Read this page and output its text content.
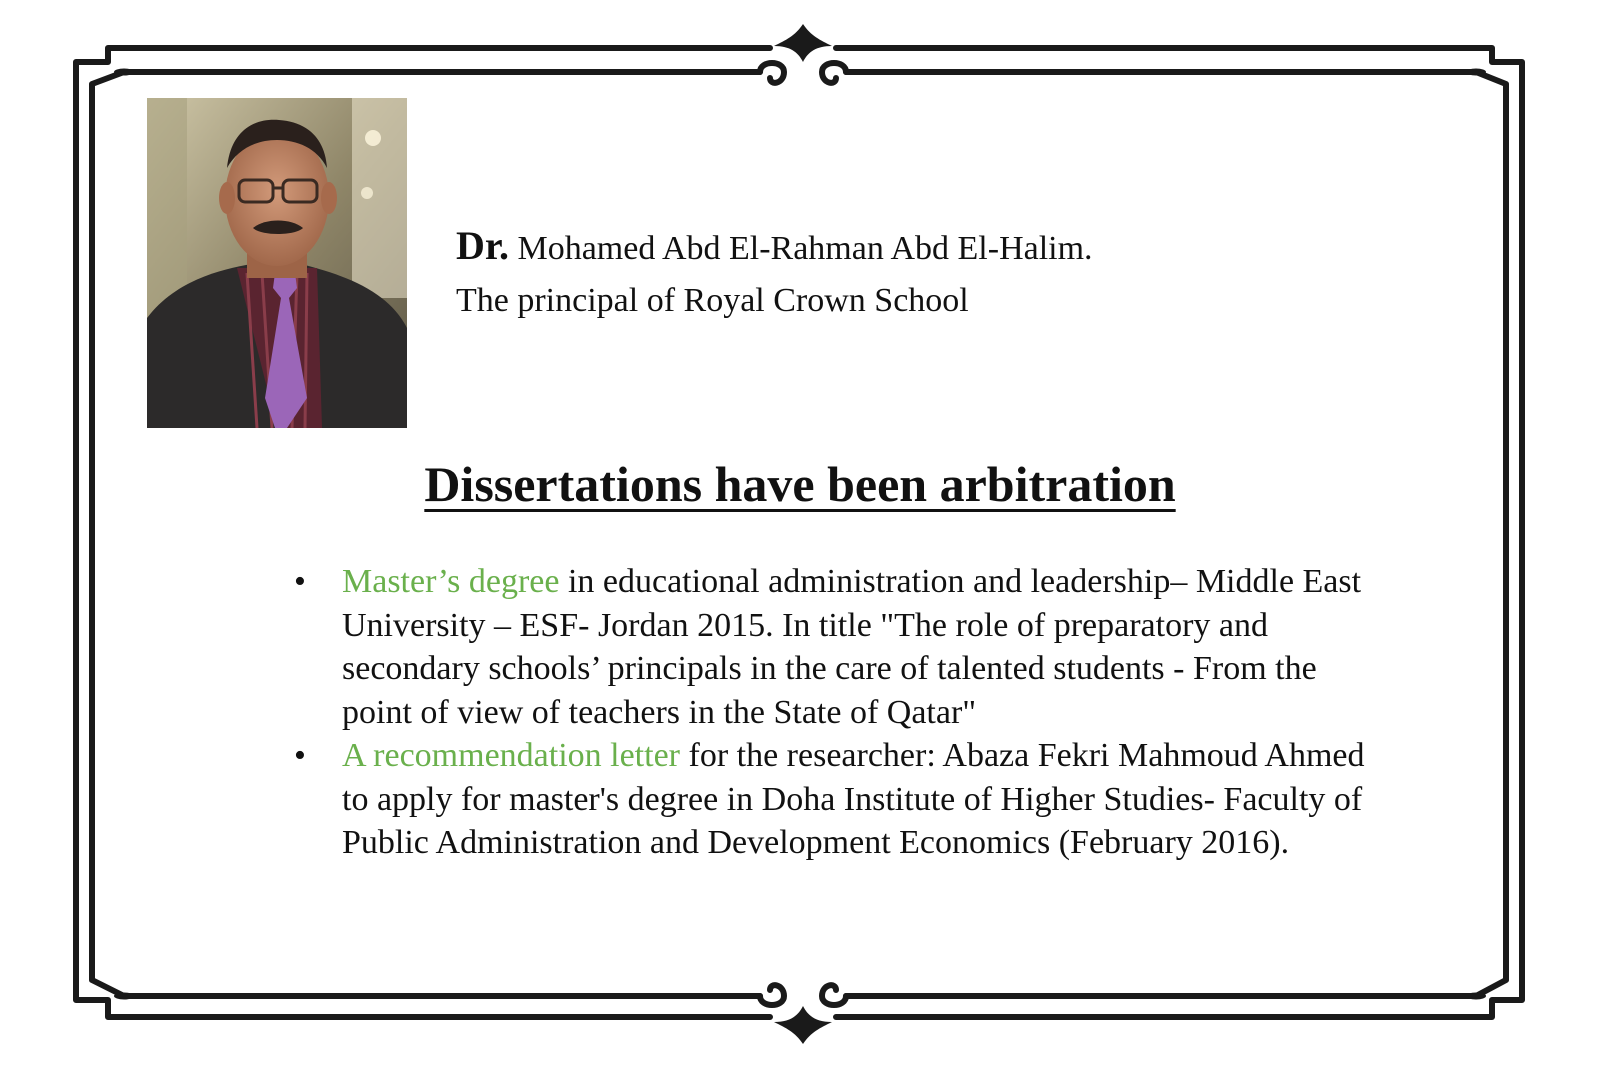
Dr. Mohamed Abd El-Rahman Abd El-Halim.

The principal of Royal Crown School

Dissertations have been arbitration
• Master’s degree in educational administration and leadership– Middle East University – ESF- Jordan 2015. In title "The role of preparatory and secondary schools’ principals in the care of talented students - From the point of view of teachers in the State of Qatar"
• A recommendation letter for the researcher: Abaza Fekri Mahmoud Ahmed to apply for master's degree in Doha Institute of Higher Studies- Faculty of Public Administration and Development Economics (February 2016).
